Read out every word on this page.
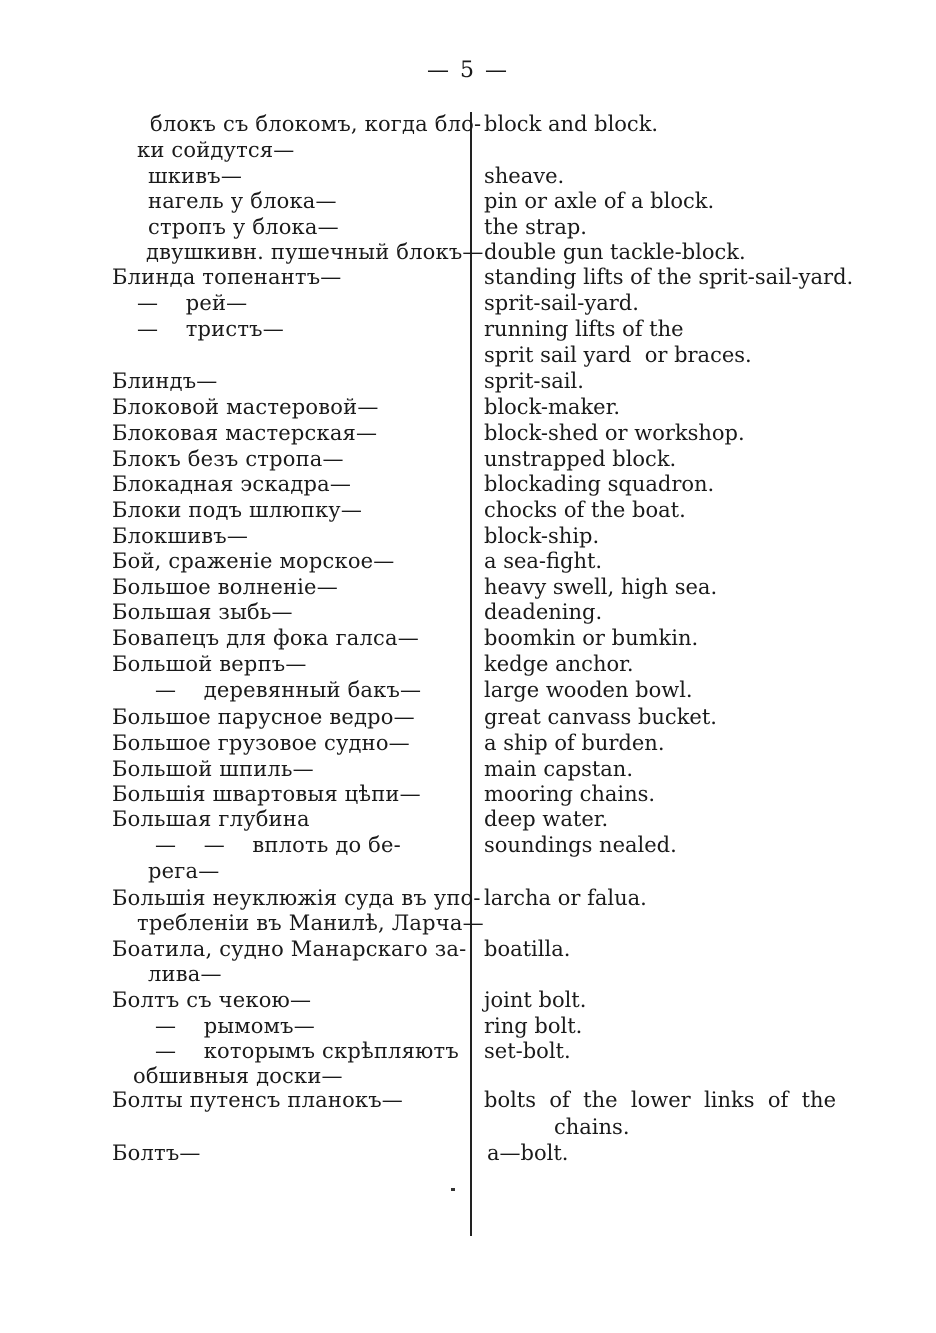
— 5 —
блокъ съ блокомъ, когда бло-
ки сойдутся—
шкивъ—
нагель у блока—
стропъ у блока—
двушкивн. пушечный блокъ—
Блинда топенантъ—
—    рей—
—    тристъ—
Блиндъ—
Блоковой мастеровой—
Блоковая мастерская—
Блокъ безъ стропа—
Блокадная эскадра—
Блоки подъ шлюпку—
Блокшивъ—
Бой, сраженіе морское—
Большое волненіе—
Большая зыбь—
Бовапецъ для фока галса—
Большой верпъ—
—    деревянный бакъ—
Большое парусное ведро—
Большое грузовое судно—
Большой шпиль—
Большія швартовыя цѣпи—
Большая глубина
—    —    вплоть до бе-
рега—
Большія неуклюжія суда въ упо-
требленіи въ Манилѣ, Ларча—
Боатила, судно Манарскаго за-
лива—
Болтъ съ чекою—
—    рымомъ—
—    которымъ скрѣпляютъ
обшивныя доски—
Болты путенсъ планокъ—
Болтъ—
block and block.
sheave.
pin or axle of a block.
the strap.
double gun tackle-block.
standing lifts of the sprit-sail-yard.
sprit-sail-yard.
running lifts of the
sprit sail yard  or braces.
sprit-sail.
block-maker.
block-shed or workshop.
unstrapped block.
blockading squadron.
chocks of the boat.
block-ship.
a sea-fight.
heavy swell, high sea.
deadening.
boomkin or bumkin.
kedge anchor.
large wooden bowl.
great canvass bucket.
a ship of burden.
main capstan.
mooring chains.
deep water.
soundings nealed.
larcha or falua.
boatilla.
joint bolt.
ring bolt.
set-bolt.
bolts  of  the  lower  links  of  the
chains.
a—bolt.
